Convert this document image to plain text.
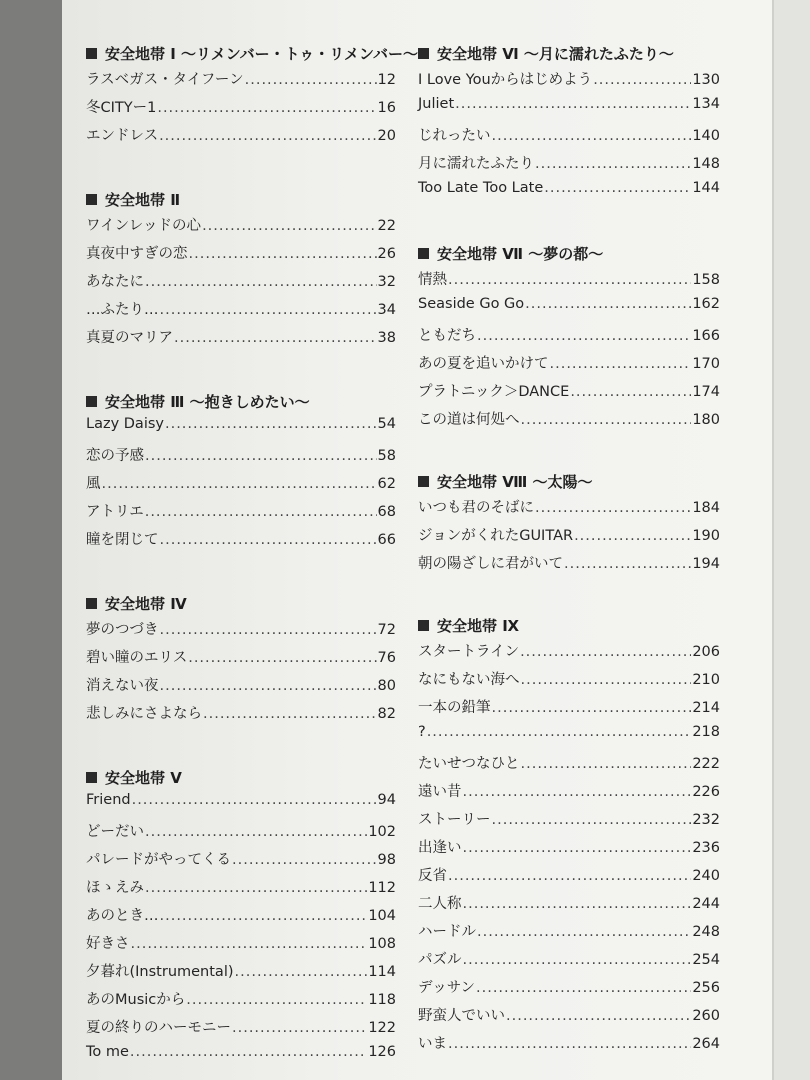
安全地帯 Ⅰ 〜リメンバー・トゥ・リメンバー〜
ラスベガス・タイフーン .....	12
冬CITYー1 .....	16
エンドレス .....	20
安全地帯 Ⅱ
ワインレッドの心 .....	22
真夜中すぎの恋 .....	26
あなたに .....	32
…ふたり… .....	34
真夏のマリア .....	38
安全地帯 Ⅲ 〜抱きしめたい〜
Lazy Daisy .....	54
恋の予感 .....	58
風 .....	62
アトリエ .....	68
瞳を閉じて .....	66
安全地帯 Ⅳ
夢のつづき .....	72
碧い瞳のエリス .....	76
消えない夜 .....	80
悲しみにさよなら .....	82
安全地帯 Ⅴ
Friend .....	94
どーだい .....	102
パレードがやってくる .....	98
ほゝえみ .....	112
あのとき… .....	104
好きさ .....	108
夕暮れ(Instrumental) .....	114
あのMusicから .....	118
夏の終りのハーモニー .....	122
To me .....	126
安全地帯 Ⅵ 〜月に濡れたふたり〜
I Love Youからはじめよう .....	130
Juliet .....	134
じれったい .....	140
月に濡れたふたり .....	148
Too Late Too Late .....	144
安全地帯 Ⅶ 〜夢の都〜
情熱 .....	158
Seaside Go Go .....	162
ともだち .....	166
あの夏を追いかけて .....	170
プラトニック＞DANCE .....	174
この道は何処へ .....	180
安全地帯 Ⅷ 〜太陽〜
いつも君のそばに .....	184
ジョンがくれたGUITAR .....	190
朝の陽ざしに君がいて .....	194
安全地帯 Ⅸ
スタートライン .....	206
なにもない海へ .....	210
一本の鉛筆 .....	214
? .....	218
たいせつなひと .....	222
遠い昔 .....	226
ストーリー .....	232
出逢い .....	236
反省 .....	240
二人称 .....	244
ハードル .....	248
パズル .....	254
デッサン .....	256
野蛮人でいい .....	260
いま .....	264
